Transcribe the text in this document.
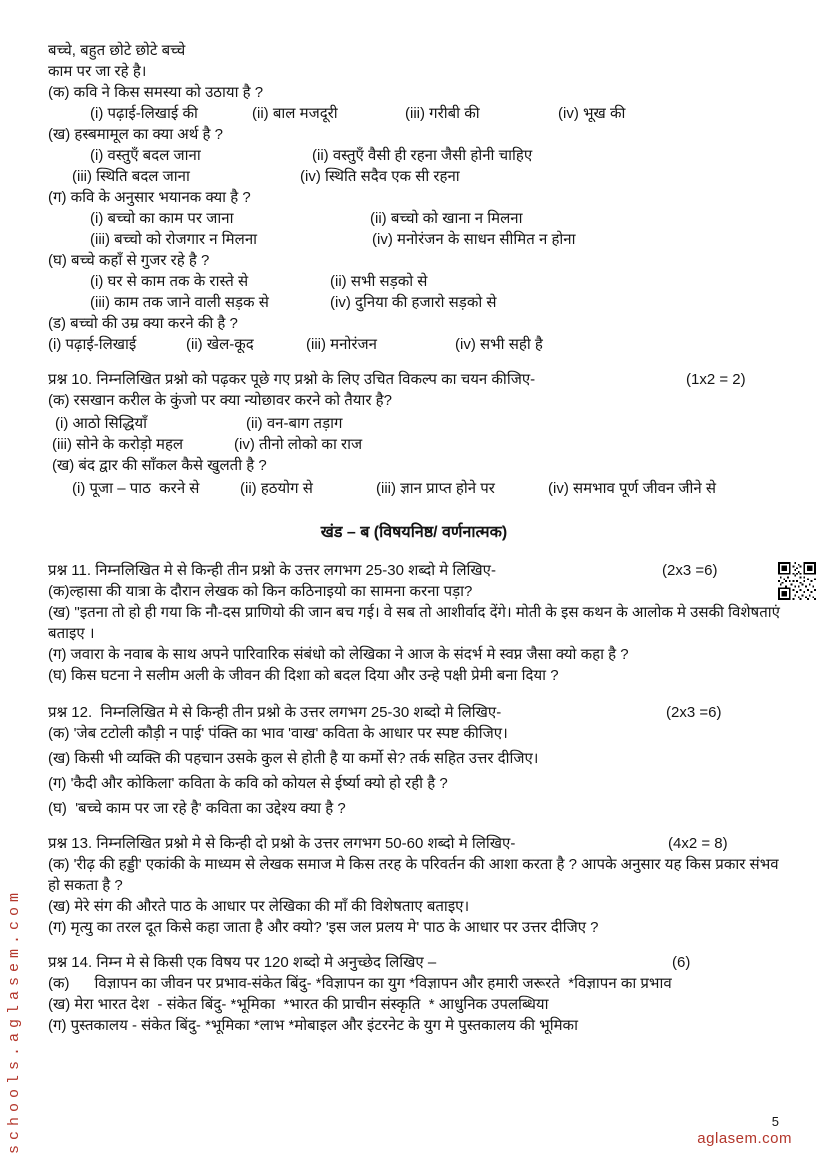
बच्चे, बहुत छोटे छोटे बच्चे
काम पर जा रहे है।
(क) कवि ने किस समस्या को उठाया है ?
(i) पढ़ाई-लिखाई की	(ii) बाल मजदूरी	(iii) गरीबी की	(iv) भूख की
(ख) हस्बमामूल का क्या अर्थ है ?
(i) वस्तुएँ बदल जाना	(ii) वस्तुएँ वैसी ही रहना जैसी होनी चाहिए
(iii) स्थिति बदल जाना	(iv) स्थिति सदैव एक सी रहना
(ग) कवि के अनुसार भयानक क्या है ?
(i) बच्चो का काम पर जाना	(ii) बच्चो को खाना न मिलना
(iii) बच्चो को रोजगार न मिलना	(iv) मनोरंजन के साधन सीमित न होना
(घ) बच्चे कहाँ से गुजर रहे है ?
(i) घर से काम तक के रास्ते से	(ii) सभी सड़को से
(iii) काम तक जाने वाली सड़क से	(iv) दुनिया की हजारो सड़को से
(ड) बच्चो की उम्र क्या करने की है ?
(i) पढ़ाई-लिखाई	(ii) खेल-कूद	(iii) मनोरंजन	(iv) सभी सही है
प्रश्न 10. निम्नलिखित प्रश्नो को पढ़कर पूछे गए प्रश्नो के लिए उचित विकल्प का चयन कीजिए-	(1x2 = 2)
(क) रसखान करील के कुंजो पर क्या न्योछावर करने को तैयार है?
(i) आठो सिद्धियाँ	(ii) वन-बाग तड़ाग
(iii) सोने के करोड़ो महल	(iv) तीनो लोको का राज
(ख) बंद द्वार की साँकल कैसे खुलती है ?
(i) पूजा – पाठ  करने से	(ii) हठयोग से	(iii) ज्ञान प्राप्त होने पर	(iv) समभाव पूर्ण जीवन जीने से
खंड – ब (विषयनिष्ठ/ वर्णनात्मक)
प्रश्न 11. निम्नलिखित मे से किन्ही तीन प्रश्नो के उत्तर लगभग 25-30 शब्दो मे लिखिए-	(2x3 =6)
(क)ल्हासा की यात्रा के दौरान लेखक को किन कठिनाइयो का सामना करना पड़ा?
(ख) "इतना तो हो ही गया कि नौ-दस प्राणियो की जान बच गई। वे सब तो आशीर्वाद देंगे। मोती के इस कथन के आलोक मे उसकी विशेषताएं बताइए ।
(ग) जवारा के नवाब के साथ अपने पारिवारिक संबंधो को लेखिका ने आज के संदर्भ मे स्वप्न जैसा क्यो कहा है ?
(घ) किस घटना ने सलीम अली के जीवन की दिशा को बदल दिया और उन्हे पक्षी प्रेमी बना दिया ?
प्रश्न 12.  निम्नलिखित मे से किन्ही तीन प्रश्नो के उत्तर लगभग 25-30 शब्दो मे लिखिए-	(2x3 =6)
(क) 'जेब टटोली कौड़ी न पाई' पंक्ति का भाव 'वाख' कविता के आधार पर स्पष्ट कीजिए।
(ख) किसी भी व्यक्ति की पहचान उसके कुल से होती है या कर्मो से? तर्क सहित उत्तर दीजिए।
(ग) 'कैदी और कोकिला' कविता के कवि को कोयल से ईर्ष्या क्यो हो रही है ?
(घ)  'बच्चे काम पर जा रहे है' कविता का उद्देश्य क्या है ?
प्रश्न 13. निम्नलिखित प्रश्नो मे से किन्ही दो प्रश्नो के उत्तर लगभग 50-60 शब्दो मे लिखिए-	(4x2 = 8)
(क) 'रीढ़ की हड्डी' एकांकी के माध्यम से लेखक समाज मे किस तरह के परिवर्तन की आशा करता है ? आपके अनुसार यह किस प्रकार संभव हो सकता है ?
(ख) मेरे संग की औरते पाठ के आधार पर लेखिका की माँ की विशेषताए बताइए।
(ग) मृत्यु का तरल दूत किसे कहा जाता है और क्यो? 'इस जल प्रलय मे' पाठ के आधार पर उत्तर दीजिए ?
प्रश्न 14. निम्न मे से किसी एक विषय पर 120 शब्दो मे अनुच्छेद लिखिए –	(6)
(क)      विज्ञापन का जीवन पर प्रभाव-संकेत बिंदु- *विज्ञापन का युग *विज्ञापन और हमारी जरूरते  *विज्ञापन का प्रभाव
(ख) मेरा भारत देश  - संकेत बिंदु- *भूमिका  *भारत की प्राचीन संस्कृति  * आधुनिक उपलब्धिया
(ग) पुस्तकालय - संकेत बिंदु- *भूमिका *लाभ *मोबाइल और इंटरनेट के युग मे पुस्तकालय की भूमिका
schools.aglasem.com	5
aglasem.com
